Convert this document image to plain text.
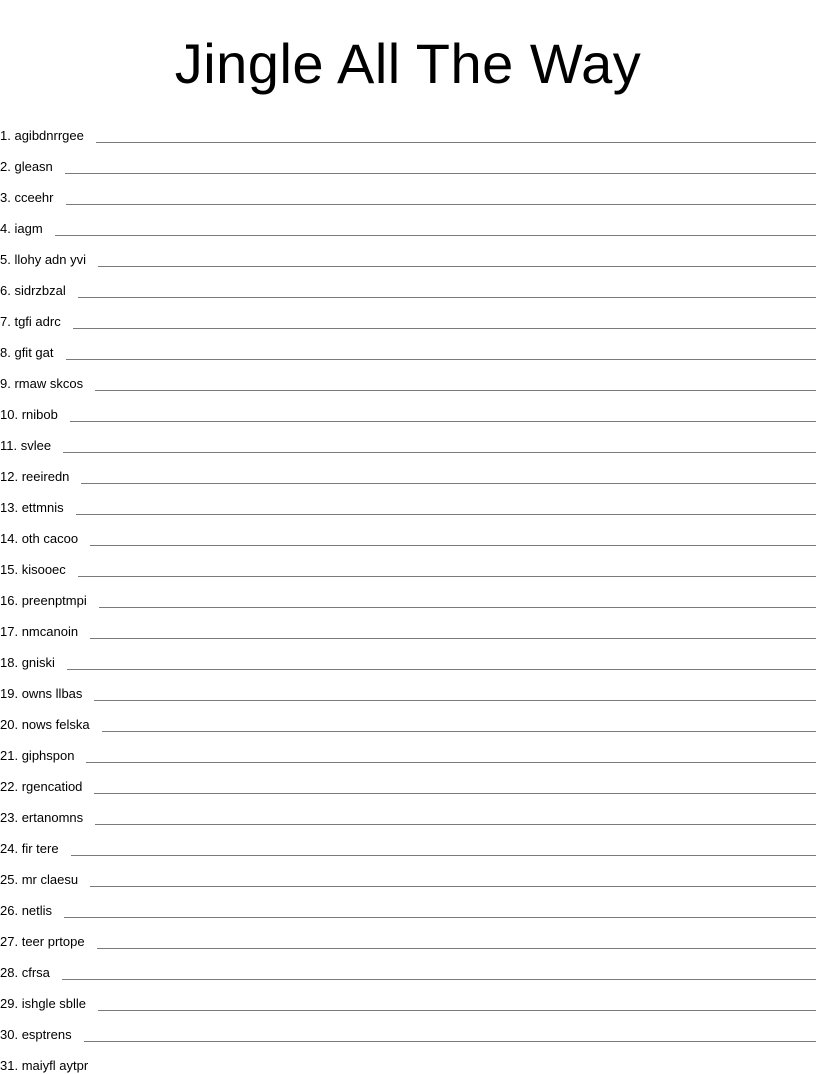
Jingle All The Way
1. agibdnrrgee
2. gleasn
3. cceehr
4. iagm
5. llohy adn yvi
6. sidrzbzal
7. tgfi adrc
8. gfit gat
9. rmaw skcos
10. rnibob
11. svlee
12. reeiredn
13. ettmnis
14. oth cacoo
15. kisooec
16. preenptmpi
17. nmcanoin
18. gniski
19. owns llbas
20. nows felska
21. giphspon
22. rgencatiod
23. ertanomns
24. fir tere
25. mr claesu
26. netlis
27. teer prtope
28. cfrsa
29. ishgle sblle
30. esptrens
31. maiyfl aytpr
